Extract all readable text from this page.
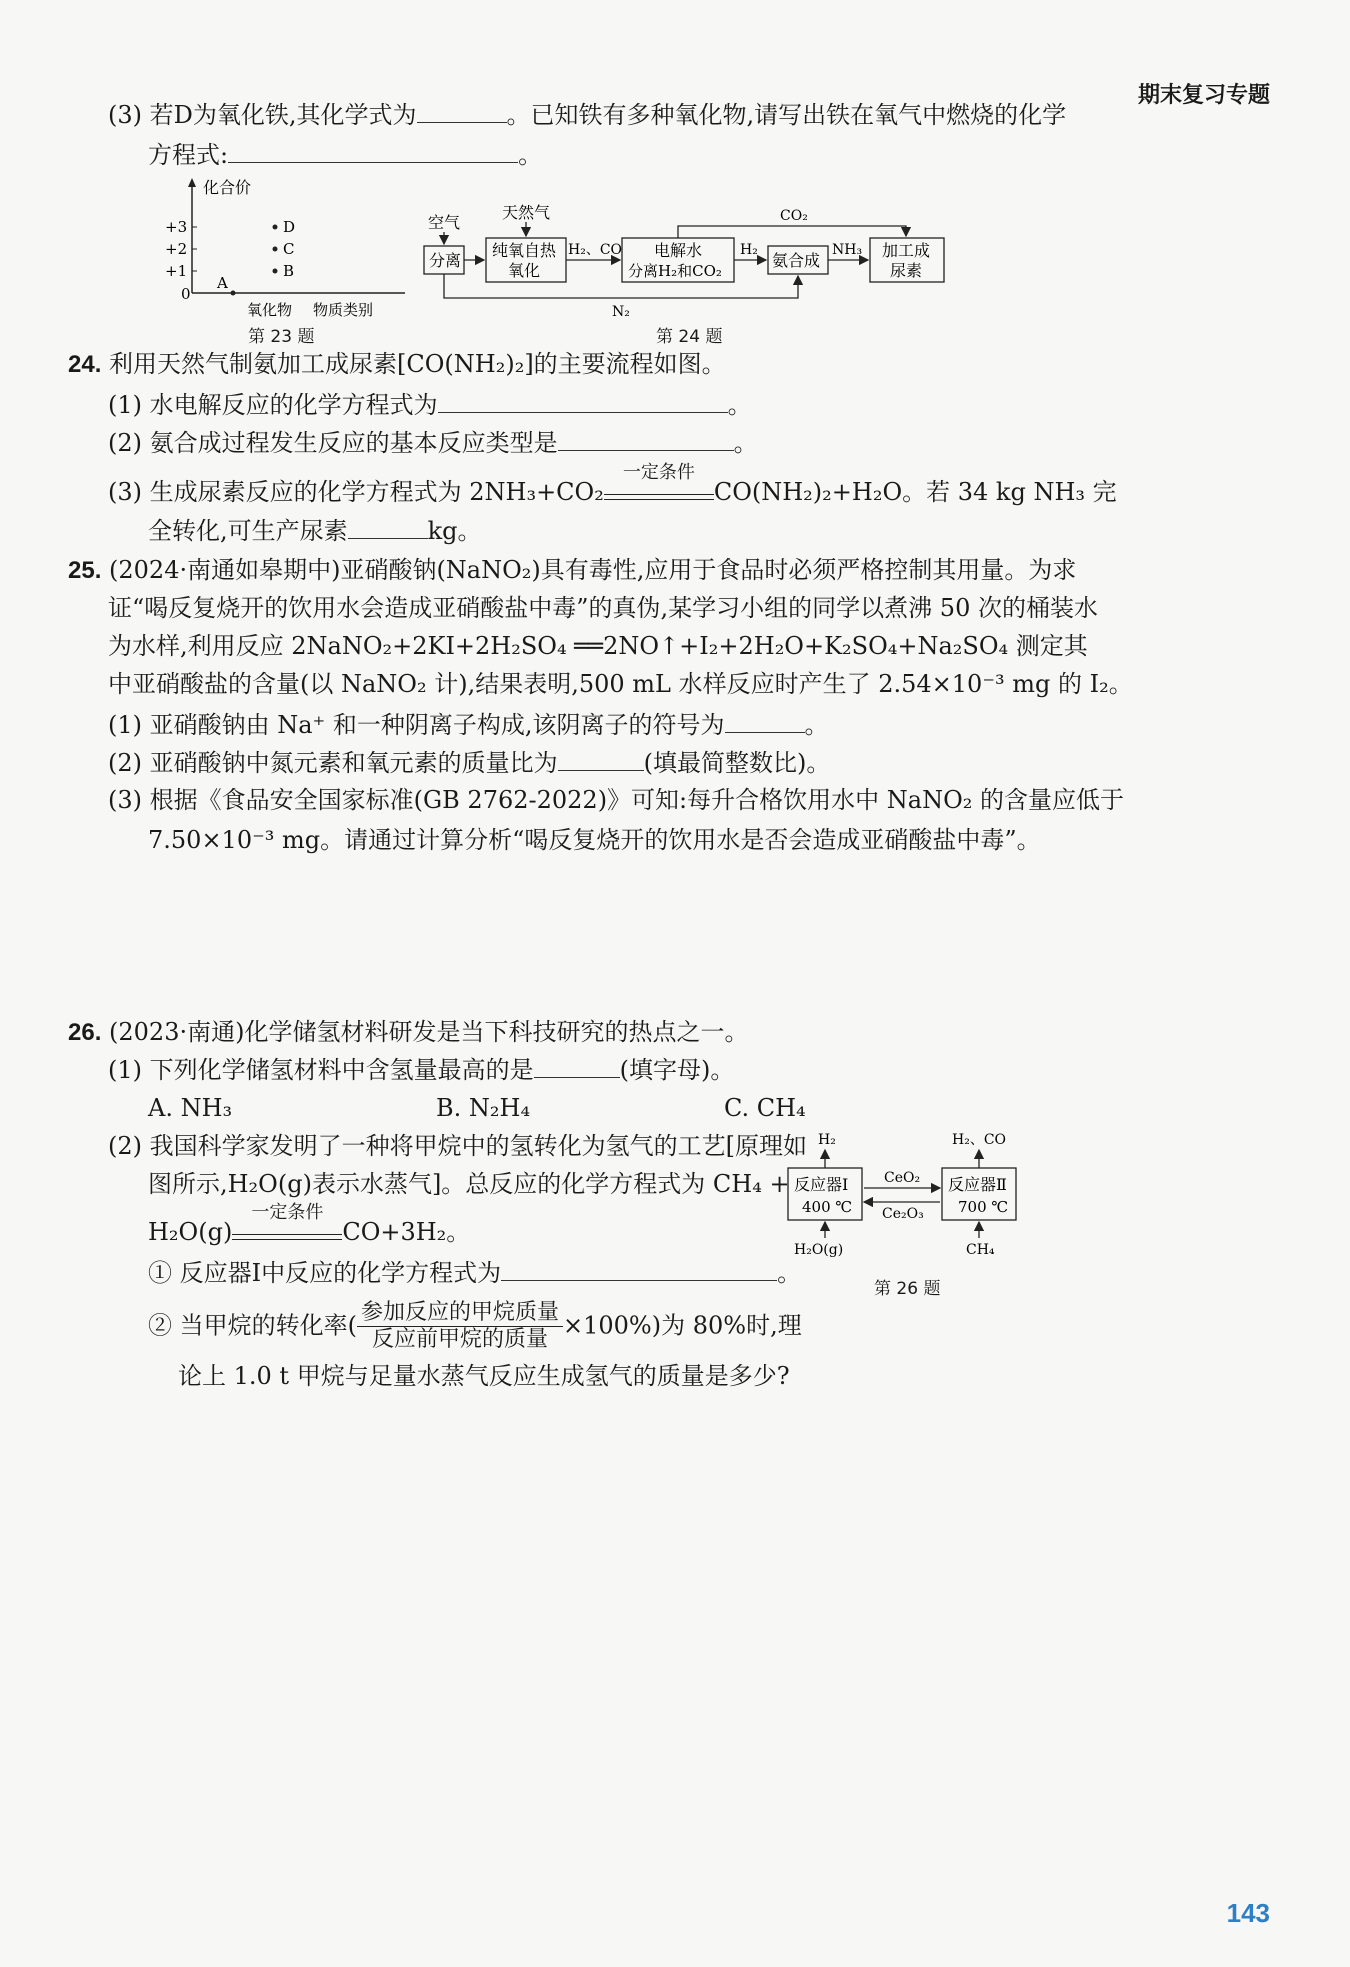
期末复习专题
(3) 若D为氧化铁,其化学式为	。已知铁有多种氧化物,请写出铁在氧气中燃烧的化学
方程式:	。
化合价
+3
+2
+1
0
D
C
B
A
氧化物 物质类别
第 23 题
空气
分离
天然气
纯氧自热
氧化
H₂、CO 电解水
分离H₂和CO₂
H₂
氨合成
NH₃ 加工成
尿素
CO₂
N₂
第 24 题
24. 利用天然气制氨加工成尿素[CO(NH₂)₂]的主要流程如图。
(1) 水电解反应的化学方程式为	。
(2) 氨合成过程发生反应的基本反应类型是	。
(3) 生成尿素反应的化学方程式为 2NH₃+CO₂
一定条件
CO(NH₂)₂+H₂O。若 34 kg NH₃ 完
全转化,可生产尿素	kg。
25. (2024·南通如皋期中)亚硝酸钠(NaNO₂)具有毒性,应用于食品时必须严格控制其用量。为求
证“喝反复烧开的饮用水会造成亚硝酸盐中毒”的真伪,某学习小组的同学以煮沸 50 次的桶装水
为水样,利用反应 2NaNO₂+2KI+2H₂SO₄ ══2NO↑+I₂+2H₂O+K₂SO₄+Na₂SO₄ 测定其
中亚硝酸盐的含量(以 NaNO₂ 计),结果表明,500 mL 水样反应时产生了 2.54×10⁻³ mg 的 I₂。
(1) 亚硝酸钠由 Na⁺ 和一种阴离子构成,该阴离子的符号为	。
(2) 亚硝酸钠中氮元素和氧元素的质量比为	(填最简整数比)。
(3) 根据《食品安全国家标准(GB 2762-2022)》可知:每升合格饮用水中 NaNO₂ 的含量应低于
7.50×10⁻³ mg。请通过计算分析“喝反复烧开的饮用水是否会造成亚硝酸盐中毒”。
26. (2023·南通)化学储氢材料研发是当下科技研究的热点之一。
(1) 下列化学储氢材料中含氢量最高的是	(填字母)。
A. NH₃	B. N₂H₄	C. CH₄
(2) 我国科学家发明了一种将甲烷中的氢转化为氢气的工艺[原理如
图所示,H₂O(g)表示水蒸气]。总反应的化学方程式为 CH₄ +
H₂O(g)
一定条件
CO+3H₂。
① 反应器Ⅰ中反应的化学方程式为	。
② 当甲烷的转化率( $\frac{\text{参加反应的甲烷质量}}{\text{反应前甲烷的质量}} \times 100\%$)为 80%时,理
论上 1.0 t 甲烷与足量水蒸气反应生成氢气的质量是多少?
H₂	H₂、CO
反应器Ⅰ
400 ℃
反应器Ⅱ
700 ℃
CeO₂
Ce₂O₃
H₂O(g)	CH₄
第 26 题
143
